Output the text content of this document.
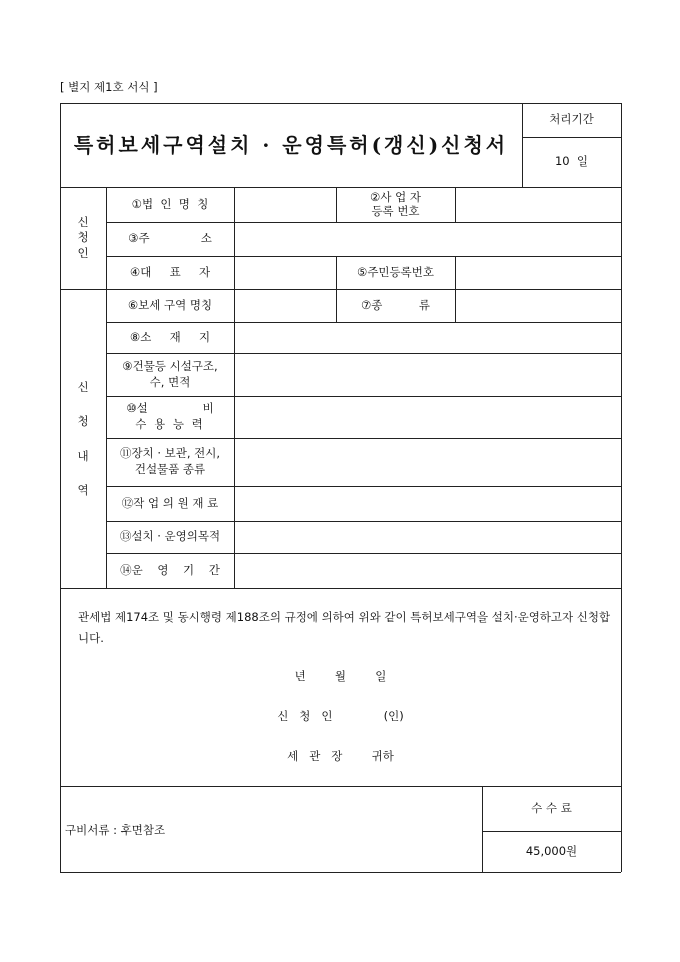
[ 별지 제1호 서식 ]
특허보세구역설치 · 운영특허(갱신)신청서
처리기간
10  일
신
청
인
①법  인  명  칭
②사 업 자
등록 번호
③주              소
④대     표     자	⑤주민등록번호
신
청
내
역
⑥보세 구역 명칭	⑦종          류
⑧소     재     지
⑨건물등 시설구조,
수, 면적
⑩설               비
수 용 능 력
⑪장치 · 보관, 전시,
건설물품 종류
⑫작 업 의 원 재 료
⑬설치 · 운영의목적
⑭운    영    기    간
관세법 제174조 및 동시행령 제188조의 규정에 의하여 위와 같이 특허보세구역을 설치·운영하고자 신청합니다.
년        월        일
신   청   인              (인)
세   관   장        귀하
구비서류 : 후면참조
수 수 료
45,000원
